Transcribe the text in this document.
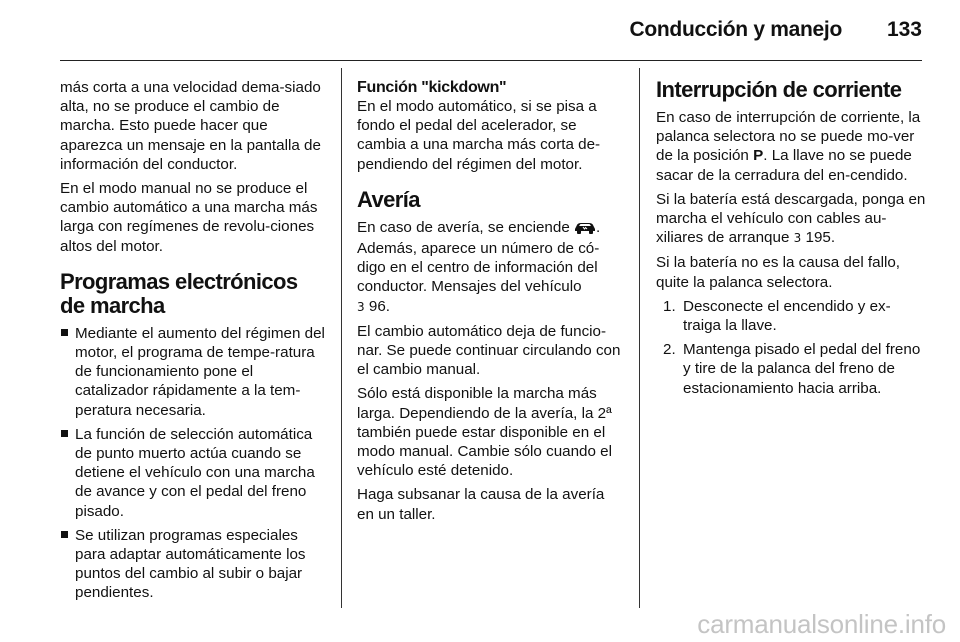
Conducción y manejo 133

más corta a una velocidad dema-siado alta, no se produce el cambio de marcha. Esto puede hacer que aparezca un mensaje en la pantalla de información del conductor.

En el modo manual no se produce el cambio automático a una marcha más larga con regímenes de revolu-ciones altos del motor.

Programas electrónicos de marcha
Mediante el aumento del régimen del motor, el programa de tempe-ratura de funcionamiento pone el catalizador rápidamente a la tem-peratura necesaria.
La función de selección automática de punto muerto actúa cuando se detiene el vehículo con una marcha de avance y con el pedal del freno pisado.
Se utilizan programas especiales para adaptar automáticamente los puntos del cambio al subir o bajar pendientes.
Función "kickdown"

En el modo automático, si se pisa a fondo el pedal del acelerador, se cambia a una marcha más corta de-pendiendo del régimen del motor.

Avería

En caso de avería, se enciende . Además, aparece un número de có-digo en el centro de información del conductor. Mensajes del vehículo
3 96.

El cambio automático deja de funcio-nar. Se puede continuar circulando con el cambio manual.

Sólo está disponible la marcha más larga. Dependiendo de la avería, la 2ª también puede estar disponible en el modo manual. Cambie sólo cuando el vehículo esté detenido.

Haga subsanar la causa de la avería en un taller.

Interrupción de corriente

En caso de interrupción de corriente, la palanca selectora no se puede mo-ver de la posición P. La llave no se puede sacar de la cerradura del en-cendido.

Si la batería está descargada, ponga en marcha el vehículo con cables au-xiliares de arranque 3 195.

Si la batería no es la causa del fallo, quite la palanca selectora.

1. Desconecte el encendido y ex-traiga la llave.
2. Mantenga pisado el pedal del freno y tire de la palanca del freno de estacionamiento hacia arriba.
carmanualsonline.info
